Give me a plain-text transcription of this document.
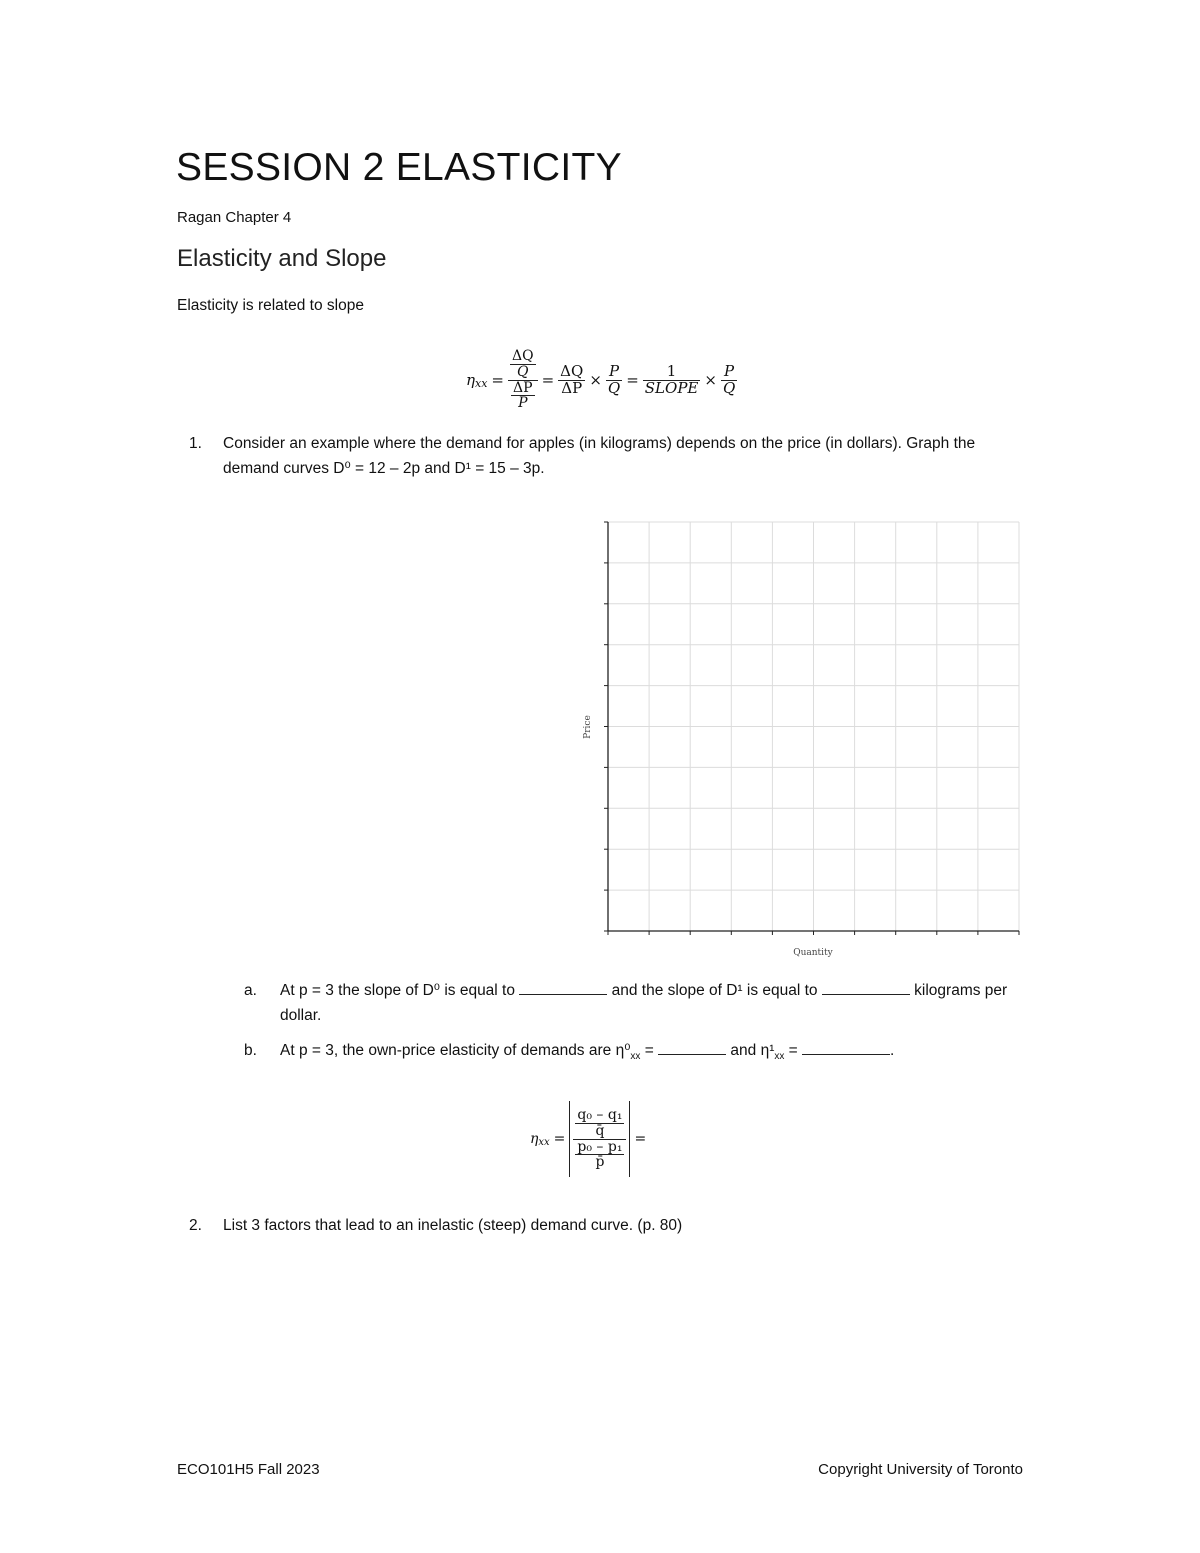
SESSION 2 ELASTICITY
Ragan Chapter 4
Elasticity and Slope
Elasticity is related to slope
η xx = $\frac{\frac{\Delta Q}{Q}}{\frac{\Delta P}{P}} = \frac{\Delta Q}{\Delta P} \times \frac{P}{Q} = \frac{1}{\text{SLOPE}} \times \frac{P}{Q}$
1.	Consider an example where the demand for apples (in kilograms) depends on the price (in dollars). Graph the
demand curves D⁰ = 12 – 2p and D¹ = 15 – 3p.
Price
Quantity
a. At p = 3 the slope of D⁰ is equal to	and the slope of D¹ is equal to	kilograms per
dollar.
b. At p = 3, the own-price elasticity of demands are $\eta^0_{xx}$ =	and $\eta^1_{xx}$ =	.
η xx = $\frac{\frac{\text{q₀ – q₁}}{q̄}}{\frac{\text{p₀ – p₁}}{p̄}}$ =
2.	List 3 factors that lead to an inelastic (steep) demand curve. (p. 80)
ECO101H5 Fall 2023	Copyright University of Toronto
